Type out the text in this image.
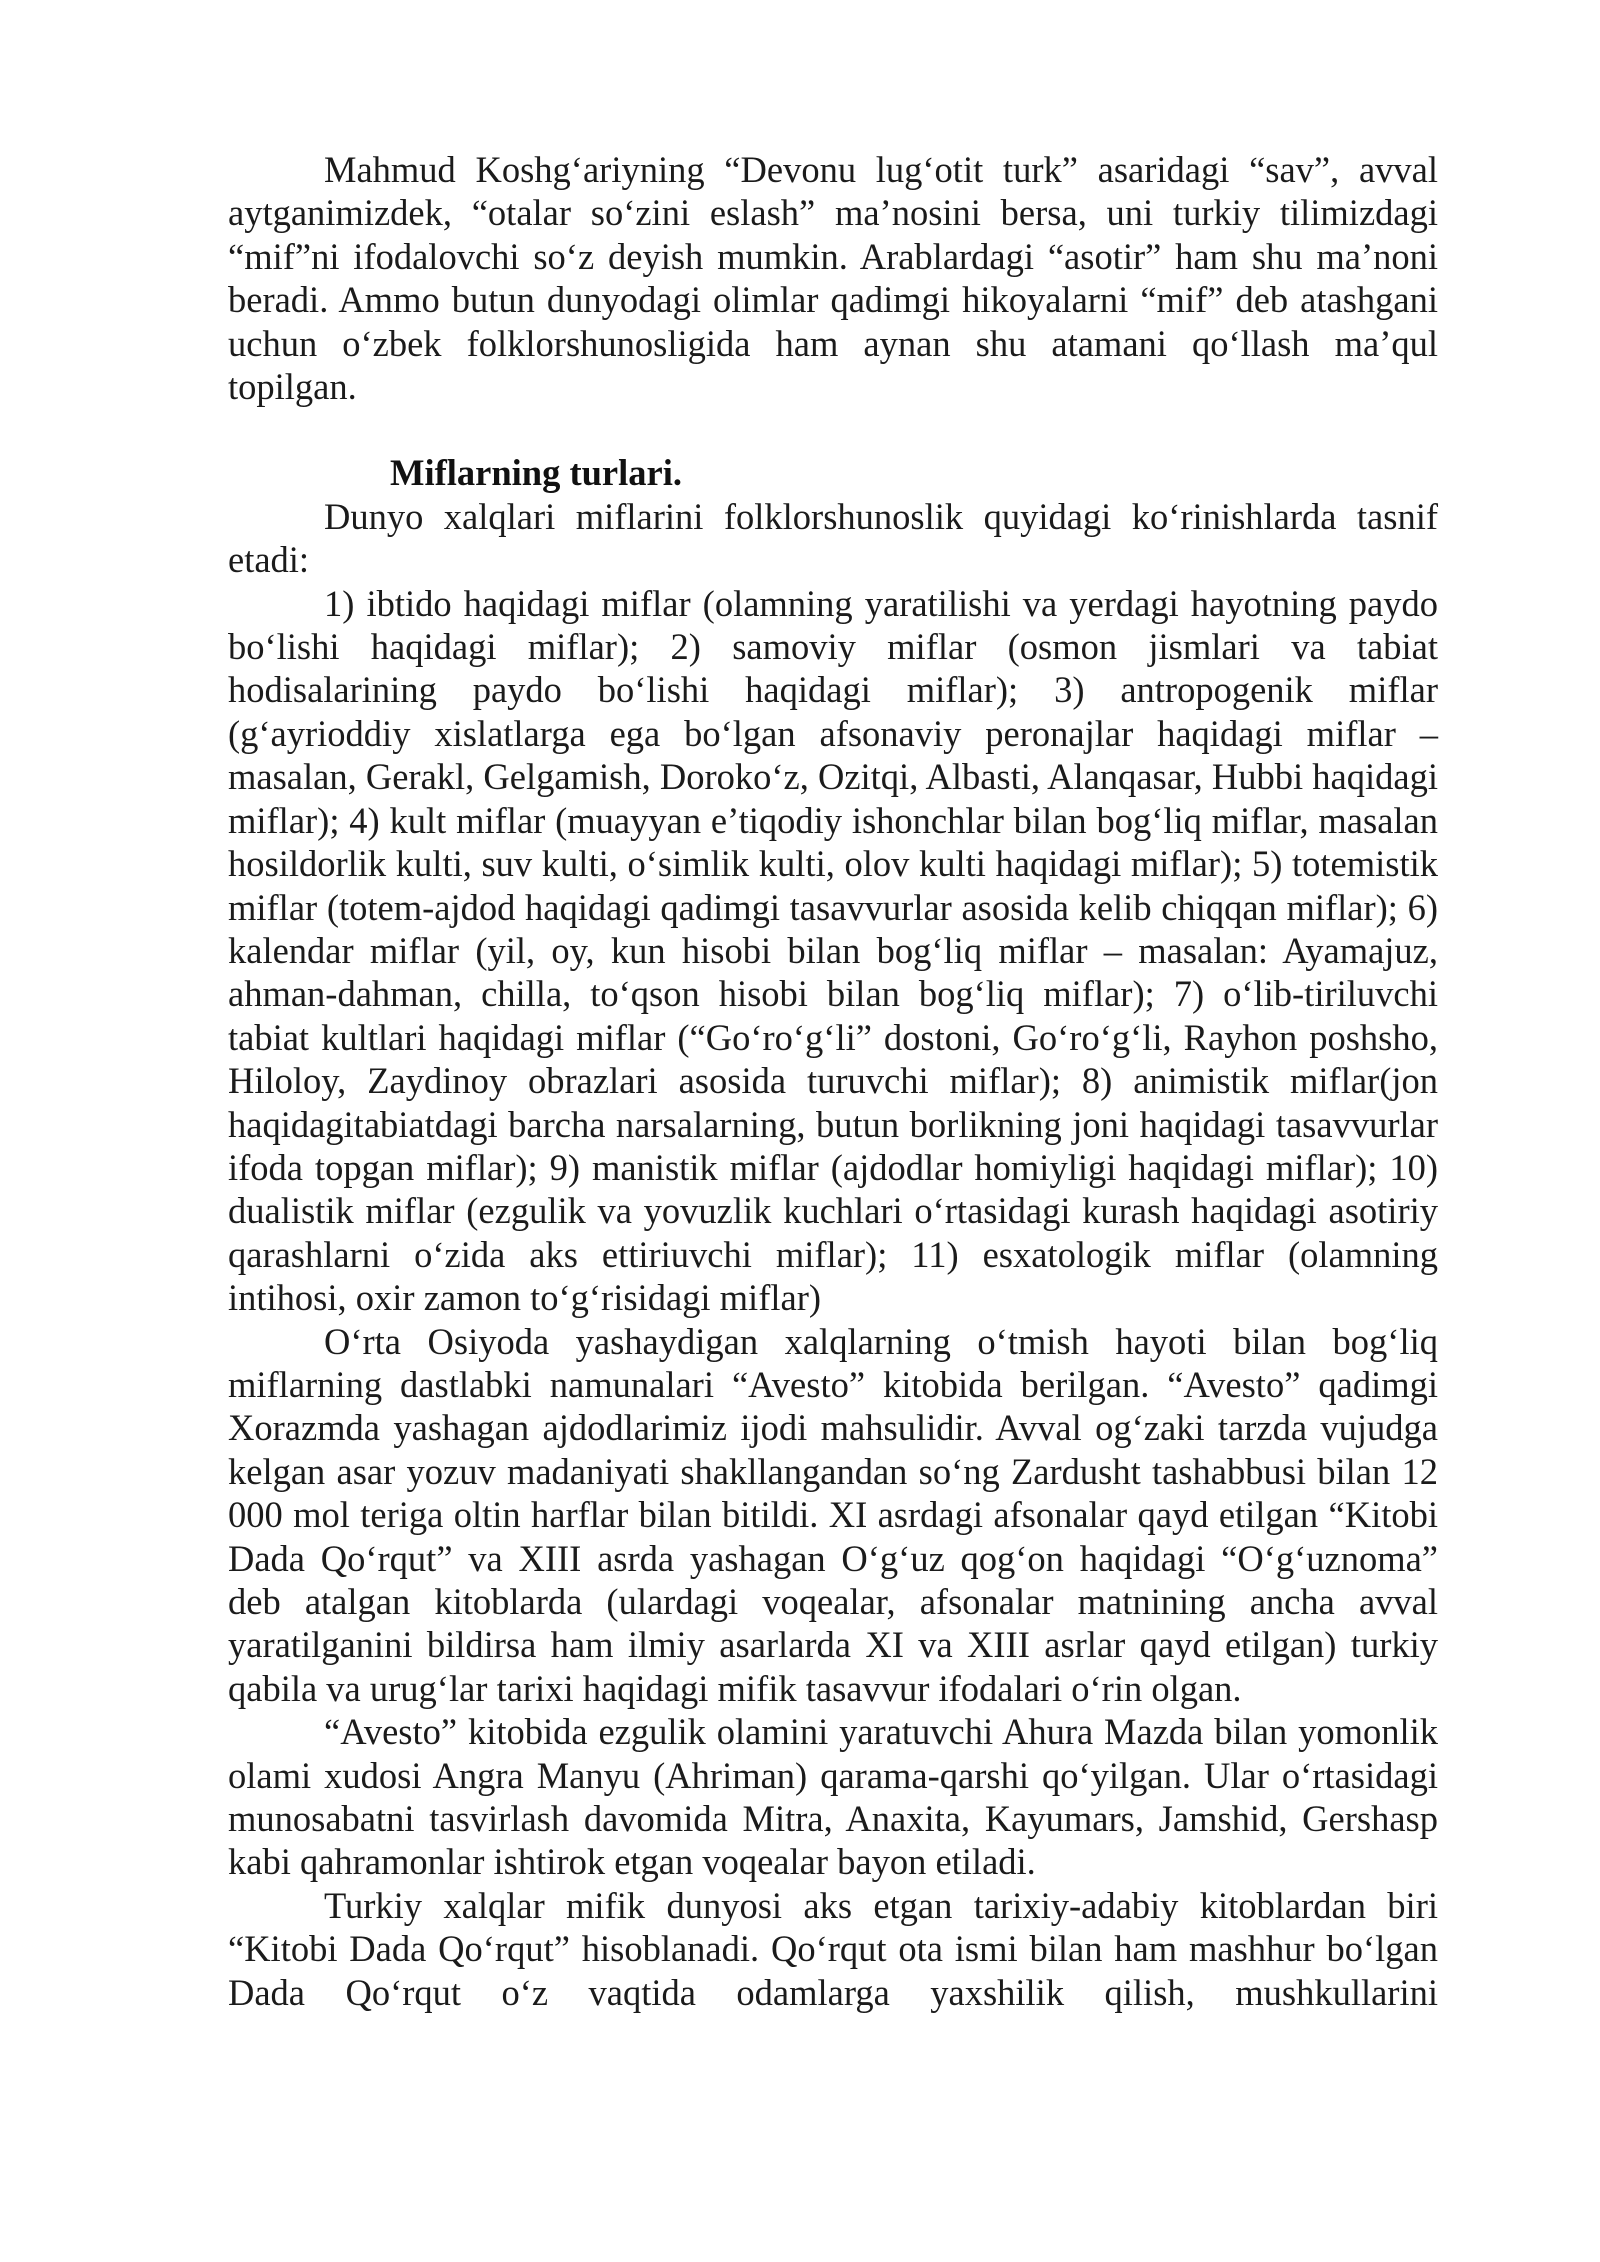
Mahmud Koshg‘ariyning “Devonu lug‘otit turk” asaridagi “sav”, avval aytganimizdek, “otalar so‘zini eslash” ma’nosini bersa, uni turkiy tilimizdagi “mif”ni ifodalovchi so‘z deyish mumkin. Arablardagi “asotir” ham shu ma’noni beradi. Ammo butun dunyodagi olimlar qadimgi hikoyalarni “mif” deb atashgani uchun o‘zbek folklorshunosligida ham aynan shu atamani qo‘llash ma’qul topilgan.

Miflarning turlari.

Dunyo xalqlari miflarini folklorshunoslik quyidagi ko‘rinishlarda tasnif etadi:

1) ibtido haqidagi miflar (olamning yaratilishi va yerdagi hayotning paydo bo‘lishi haqidagi miflar); 2) samoviy miflar (osmon jismlari va tabiat hodisalarining paydo bo‘lishi haqidagi miflar); 3) antropogenik miflar (g‘ayrioddiy xislatlarga ega bo‘lgan afsonaviy peronajlar haqidagi miflar – masalan, Gerakl, Gelgamish, Doroko‘z, Ozitqi, Albasti, Alanqasar, Hubbi haqidagi miflar); 4) kult miflar (muayyan e’tiqodiy ishonchlar bilan bog‘liq miflar, masalan hosildorlik kulti, suv kulti, o‘simlik kulti, olov kulti haqidagi miflar); 5) totemistik miflar (totem-ajdod haqidagi qadimgi tasavvurlar asosida kelib chiqqan miflar); 6) kalendar miflar (yil, oy, kun hisobi bilan bog‘liq miflar – masalan: Ayamajuz, ahman-dahman, chilla, to‘qson hisobi bilan bog‘liq miflar); 7) o‘lib-tiriluvchi tabiat kultlari haqidagi miflar (“Go‘ro‘g‘li” dostoni, Go‘ro‘g‘li, Rayhon poshsho, Hiloloy, Zaydinoy obrazlari asosida turuvchi miflar); 8) animistik miflar(jon haqidagitabiatdagi barcha narsalarning, butun borlikning joni haqidagi tasavvurlar ifoda topgan miflar); 9) manistik miflar (ajdodlar homiyligi haqidagi miflar); 10) dualistik miflar (ezgulik va yovuzlik kuchlari o‘rtasidagi kurash haqidagi asotiriy qarashlarni o‘zida aks ettiriuvchi miflar); 11) esxatologik miflar (olamning intihosi, oxir zamon to‘g‘risidagi miflar)

O‘rta Osiyoda yashaydigan xalqlarning o‘tmish hayoti bilan bog‘liq miflarning dastlabki namunalari “Avesto” kitobida berilgan. “Avesto” qadimgi Xorazmda yashagan ajdodlarimiz ijodi mahsulidir. Avval og‘zaki tarzda vujudga kelgan asar yozuv madaniyati shakllangandan so‘ng Zardusht tashabbusi bilan 12 000 mol teriga oltin harflar bilan bitildi. XI asrdagi afsonalar qayd etilgan “Kitobi Dada Qo‘rqut” va XIII asrda yashagan O‘g‘uz qog‘on haqidagi “O‘g‘uznoma” deb atalgan kitoblarda (ulardagi voqealar, afsonalar matnining ancha avval yaratilganini bildirsa ham ilmiy asarlarda XI va XIII asrlar qayd etilgan) turkiy qabila va urug‘lar tarixi haqidagi mifik tasavvur ifodalari o‘rin olgan.

“Avesto” kitobida ezgulik olamini yaratuvchi Ahura Mazda bilan yomonlik olami xudosi Angra Manyu (Ahriman) qarama-qarshi qo‘yilgan. Ular o‘rtasidagi munosabatni tasvirlash davomida Mitra, Anaxita, Kayumars, Jamshid, Gershasp kabi qahramonlar ishtirok etgan voqealar bayon etiladi.

Turkiy xalqlar mifik dunyosi aks etgan tarixiy-adabiy kitoblardan biri “Kitobi Dada Qo‘rqut” hisoblanadi. Qo‘rqut ota ismi bilan ham mashhur bo‘lgan Dada Qo‘rqut o‘z vaqtida odamlarga yaxshilik qilish, mushkullarini
